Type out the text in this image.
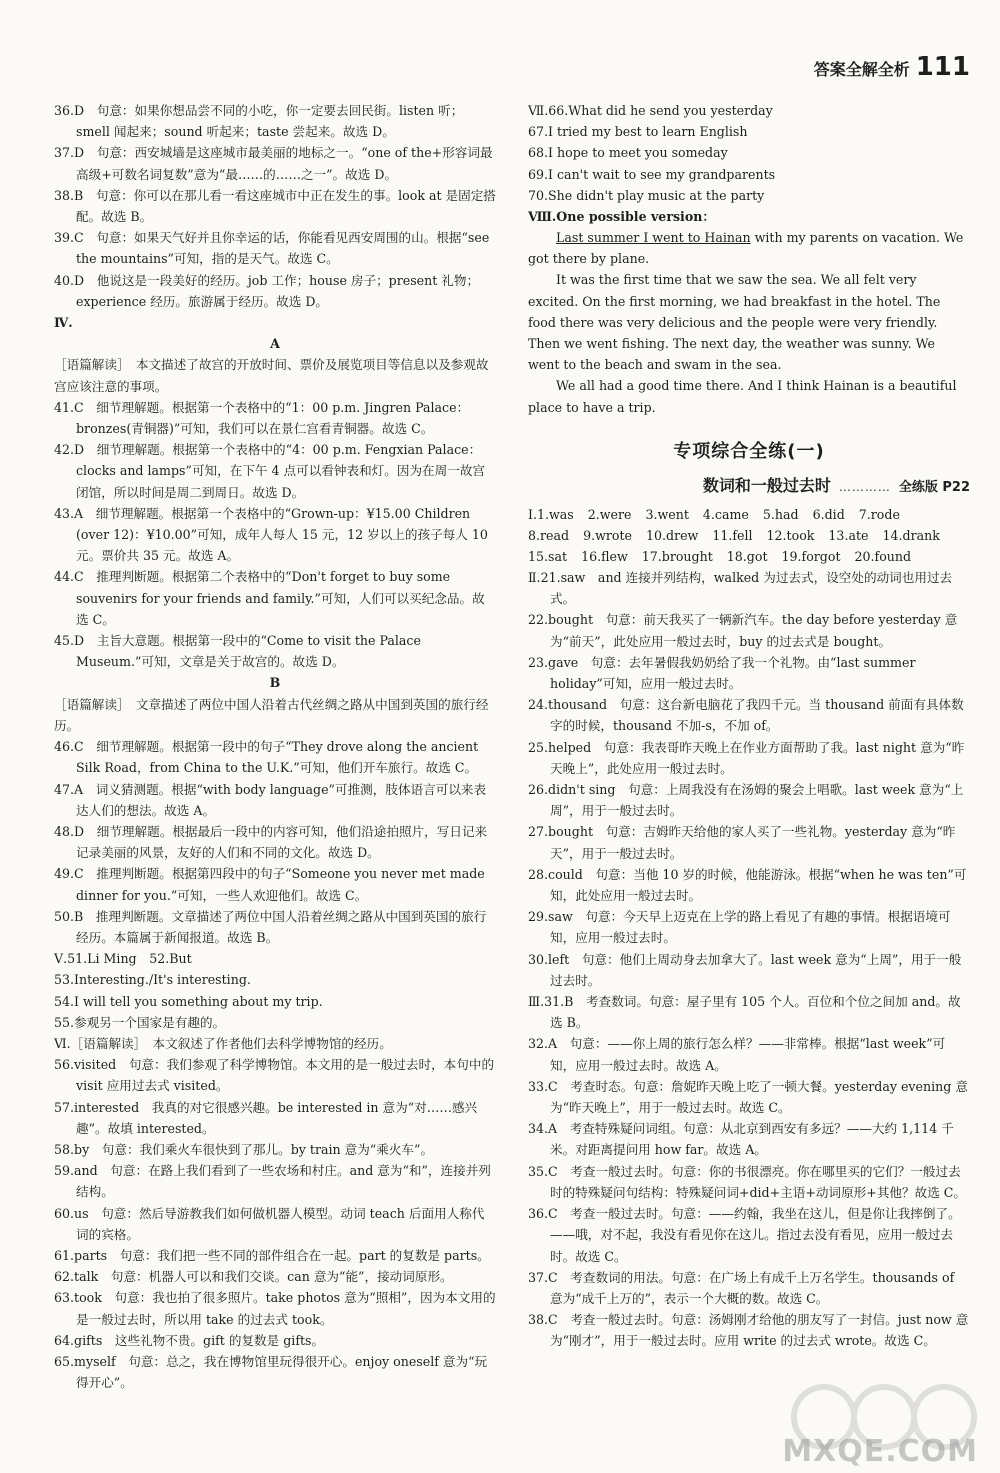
答案全解全析 111

36.D　句意：如果你想品尝不同的小吃，你一定要去回民街。listen 听；smell 闻起来；sound 听起来；taste 尝起来。故选 D。

37.D　句意：西安城墙是这座城市最美丽的地标之一。“one of the+形容词最高级+可数名词复数”意为“最……的……之一”。故选 D。

38.B　句意：你可以在那儿看一看这座城市中正在发生的事。look at 是固定搭配。故选 B。

39.C　句意：如果天气好并且你幸运的话，你能看见西安周围的山。根据“see the mountains”可知，指的是天气。故选 C。

40.D　他说这是一段美好的经历。job 工作；house 房子；present 礼物；experience 经历。旅游属于经历。故选 D。

Ⅳ.

A

［语篇解读］　本文描述了故宫的开放时间、票价及展览项目等信息以及参观故宫应该注意的事项。

41.C　细节理解题。根据第一个表格中的“1：00 p.m. Jingren Palace：bronzes(青铜器)”可知，我们可以在景仁宫看青铜器。故选 C。

42.D　细节理解题。根据第一个表格中的“4：00 p.m. Fengxian Palace：clocks and lamps”可知，在下午 4 点可以看钟表和灯。因为在周一故宫闭馆，所以时间是周二到周日。故选 D。

43.A　细节理解题。根据第一个表格中的“Grown-up：¥15.00 Children (over 12)：¥10.00”可知，成年人每人 15 元，12 岁以上的孩子每人 10 元。票价共 35 元。故选 A。

44.C　推理判断题。根据第二个表格中的“Don't forget to buy some souvenirs for your friends and family.”可知，人们可以买纪念品。故选 C。

45.D　主旨大意题。根据第一段中的“Come to visit the Palace Museum.”可知，文章是关于故宫的。故选 D。

B

［语篇解读］　文章描述了两位中国人沿着古代丝绸之路从中国到英国的旅行经历。

46.C　细节理解题。根据第一段中的句子“They drove along the ancient Silk Road，from China to the U.K.”可知，他们开车旅行。故选 C。

47.A　词义猜测题。根据“with body language”可推测，肢体语言可以来表达人们的想法。故选 A。

48.D　细节理解题。根据最后一段中的内容可知，他们沿途拍照片，写日记来记录美丽的风景，友好的人们和不同的文化。故选 D。

49.C　推理判断题。根据第四段中的句子“Someone you never met made dinner for you.”可知，一些人欢迎他们。故选 C。

50.B　推理判断题。文章描述了两位中国人沿着丝绸之路从中国到英国的旅行经历。本篇属于新闻报道。故选 B。

Ⅴ.51.Li Ming　52.But

53.Interesting./It's interesting.

54.I will tell you something about my trip.

55.参观另一个国家是有趣的。

Ⅵ.［语篇解读］　本文叙述了作者他们去科学博物馆的经历。

56.visited　句意：我们参观了科学博物馆。本文用的是一般过去时，本句中的 visit 应用过去式 visited。

57.interested　我真的对它很感兴趣。be interested in 意为“对……感兴趣”。故填 interested。

58.by　句意：我们乘火车很快到了那儿。by train 意为“乘火车”。

59.and　句意：在路上我们看到了一些农场和村庄。and 意为“和”，连接并列结构。

60.us　句意：然后导游教我们如何做机器人模型。动词 teach 后面用人称代词的宾格。

61.parts　句意：我们把一些不同的部件组合在一起。part 的复数是 parts。

62.talk　句意：机器人可以和我们交谈。can 意为“能”，接动词原形。

63.took　句意：我也拍了很多照片。take photos 意为“照相”，因为本文用的是一般过去时，所以用 take 的过去式 took。

64.gifts　这些礼物不贵。gift 的复数是 gifts。

65.myself　句意：总之，我在博物馆里玩得很开心。enjoy oneself 意为“玩得开心”。

Ⅶ.66.What did he send you yesterday

67.I tried my best to learn English

68.I hope to meet you someday

69.I can't wait to see my grandparents

70.She didn't play music at the party

Ⅷ.One possible version：

Last summer I went to Hainan with my parents on vacation. We got there by plane.

It was the first time that we saw the sea. We all felt very excited. On the first morning, we had breakfast in the hotel. The food there was very delicious and the people were very friendly. Then we went fishing. The next day, the weather was sunny. We went to the beach and swam in the sea.

We all had a good time there. And I think Hainan is a beautiful place to have a trip.

专项综合全练(一)
数词和一般过去时 ………… 全练版 P22
Ⅰ.1.was 2.were 3.went 4.came 5.had 6.did 7.rode
8.read 9.wrote 10.drew 11.fell 12.took 13.ate 14.drank
15.sat 16.flew 17.brought 18.got 19.forgot 20.found

Ⅱ.21.saw　and 连接并列结构，walked 为过去式，设空处的动词也用过去式。

22.bought　句意：前天我买了一辆新汽车。the day before yesterday 意为“前天”，此处应用一般过去时，buy 的过去式是 bought。

23.gave　句意：去年暑假我奶奶给了我一个礼物。由“last summer holiday”可知，应用一般过去时。

24.thousand　句意：这台新电脑花了我四千元。当 thousand 前面有具体数字的时候，thousand 不加-s，不加 of。

25.helped　句意：我表哥昨天晚上在作业方面帮助了我。last night 意为“昨天晚上”，此处应用一般过去时。

26.didn't sing　句意：上周我没有在汤姆的聚会上唱歌。last week 意为“上周”，用于一般过去时。

27.bought　句意：吉姆昨天给他的家人买了一些礼物。yesterday 意为“昨天”，用于一般过去时。

28.could　句意：当他 10 岁的时候，他能游泳。根据“when he was ten”可知，此处应用一般过去时。

29.saw　句意：今天早上迈克在上学的路上看见了有趣的事情。根据语境可知，应用一般过去时。

30.left　句意：他们上周动身去加拿大了。last week 意为“上周”，用于一般过去时。

Ⅲ.31.B　考查数词。句意：屋子里有 105 个人。百位和个位之间加 and。故选 B。

32.A　句意：——你上周的旅行怎么样？——非常棒。根据“last week”可知，应用一般过去时。故选 A。

33.C　考查时态。句意：詹妮昨天晚上吃了一顿大餐。yesterday evening 意为“昨天晚上”，用于一般过去时。故选 C。

34.A　考查特殊疑问词组。句意：从北京到西安有多远？——大约 1,114 千米。对距离提问用 how far。故选 A。

35.C　考查一般过去时。句意：你的书很漂亮。你在哪里买的它们？一般过去时的特殊疑问句结构：特殊疑问词+did+主语+动词原形+其他？故选 C。

36.C　考查一般过去时。句意：——约翰，我坐在这儿，但是你让我摔倒了。——哦，对不起，我没有看见你在这儿。指过去没有看见，应用一般过去时。故选 C。

37.C　考查数词的用法。句意：在广场上有成千上万名学生。thousands of 意为“成千上万的”，表示一个大概的数。故选 C。

38.C　考查一般过去时。句意：汤姆刚才给他的朋友写了一封信。just now 意为“刚才”，用于一般过去时。应用 write 的过去式 wrote。故选 C。

MXQE.COM
